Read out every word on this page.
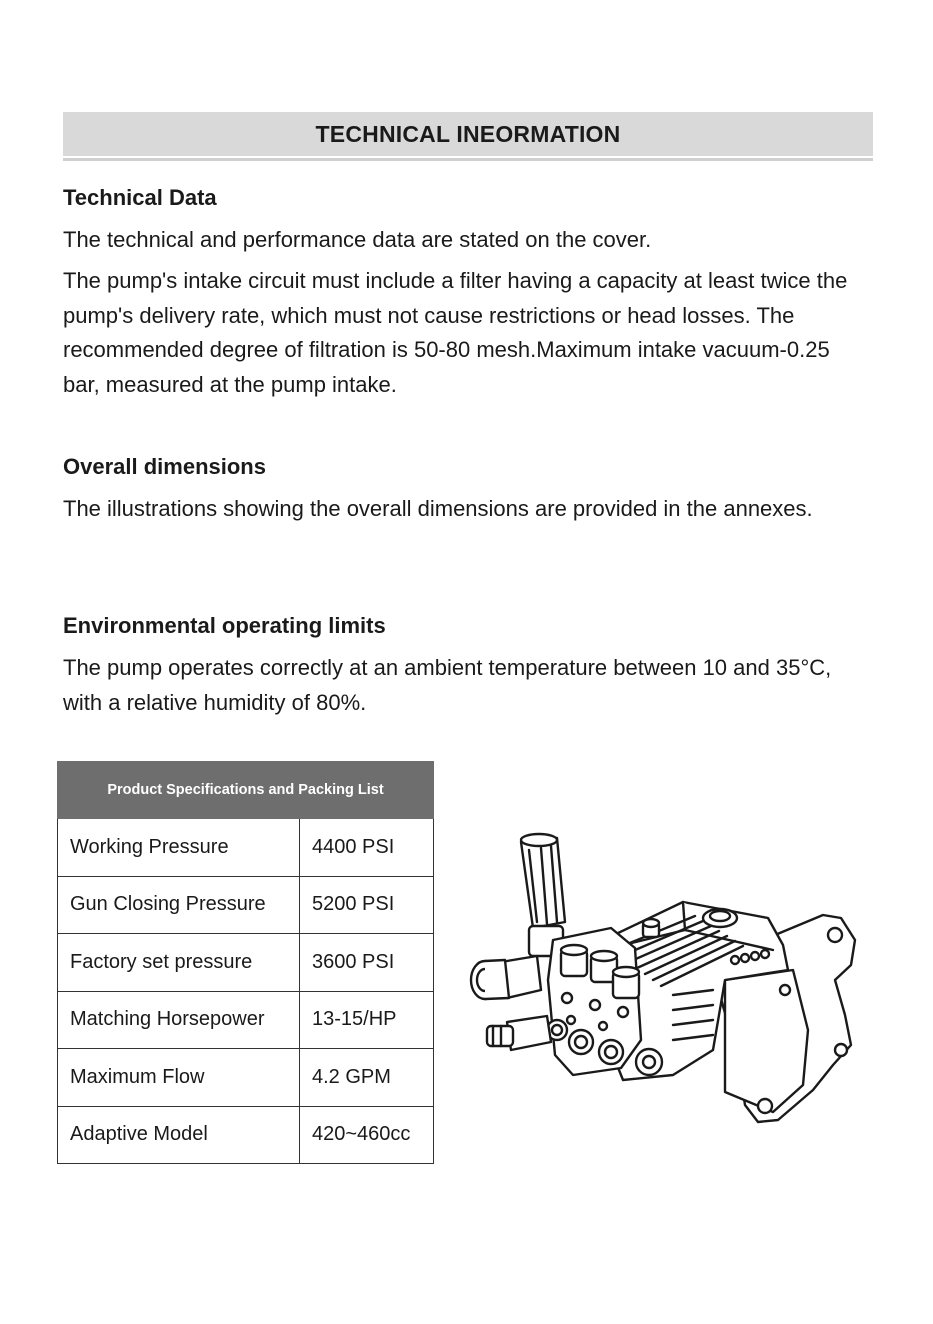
TECHNICAL INEORMATION
Technical Data

The technical and performance data are stated on the cover.

The pump's intake circuit must include a filter having a capacity at least twice the pump's delivery rate, which must not cause restrictions or head losses. The recommended degree of filtration is 50-80 mesh.Maximum intake vacuum-0.25 bar, measured at the pump intake.

Overall dimensions

The illustrations showing the overall dimensions are provided in the annexes.

Environmental operating limits

The pump operates correctly at an ambient temperature between 10 and 35°C, with a relative humidity of 80%.

Product Specifications and Packing List	
Working Pressure	4400 PSI
Gun Closing Pressure	5200 PSI
Factory set pressure	3600 PSI
Matching Horsepower	13-15/HP
Maximum Flow	4.2 GPM
Adaptive Model	420~460cc
